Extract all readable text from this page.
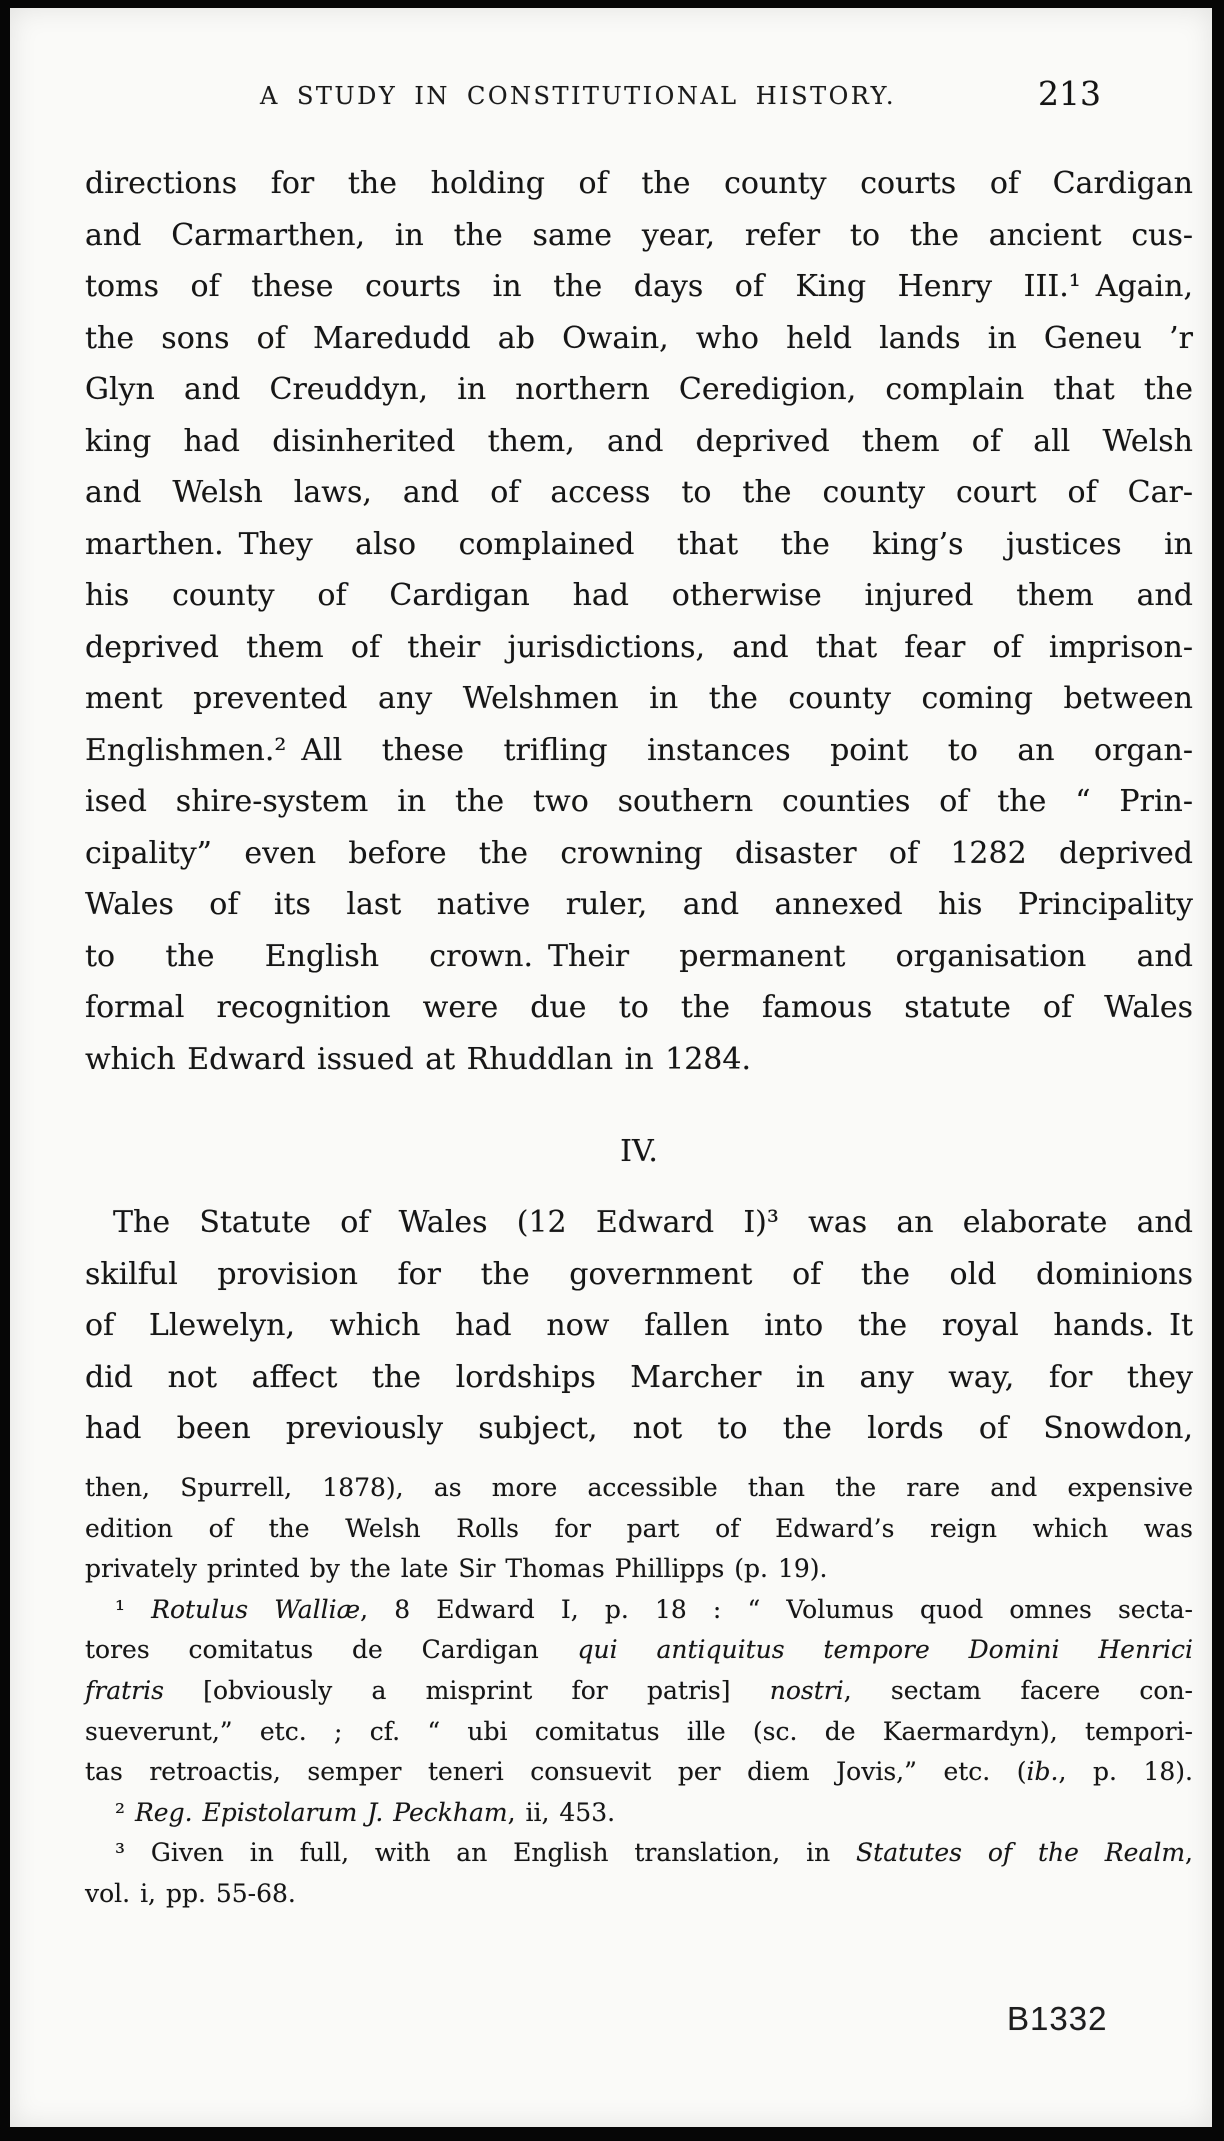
A STUDY IN CONSTITUTIONAL HISTORY.	213
directions for the holding of the county courts of Cardigan
and Carmarthen, in the same year, refer to the ancient cus-
toms of these courts in the days of King Henry III.¹ Again,
the sons of Maredudd ab Owain, who held lands in Geneu ’r
Glyn and Creuddyn, in northern Ceredigion, complain that the
king had disinherited them, and deprived them of all Welsh
and Welsh laws, and of access to the county court of Car-
marthen. They also complained that the king’s justices in
his county of Cardigan had otherwise injured them and
deprived them of their jurisdictions, and that fear of imprison-
ment prevented any Welshmen in the county coming between
Englishmen.² All these trifling instances point to an organ-
ised shire-system in the two southern counties of the “ Prin-
cipality” even before the crowning disaster of 1282 deprived
Wales of its last native ruler, and annexed his Principality
to the English crown. Their permanent organisation and
formal recognition were due to the famous statute of Wales
which Edward issued at Rhuddlan in 1284.
IV.
The Statute of Wales (12 Edward I)³ was an elaborate and
skilful provision for the government of the old dominions
of Llewelyn, which had now fallen into the royal hands. It
did not affect the lordships Marcher in any way, for they
had been previously subject, not to the lords of Snowdon,
then, Spurrell, 1878), as more accessible than the rare and expensive
edition of the Welsh Rolls for part of Edward’s reign which was
privately printed by the late Sir Thomas Phillipps (p. 19).
¹ Rotulus Walliæ, 8 Edward I, p. 18 : “ Volumus quod omnes secta-
tores comitatus de Cardigan qui antiquitus tempore Domini Henrici
fratris [obviously a misprint for patris] nostri, sectam facere con-
sueverunt,” etc. ; cf. “ ubi comitatus ille (sc. de Kaermardyn), tempori-
tas retroactis, semper teneri consuevit per diem Jovis,” etc. (ib., p. 18).
² Reg. Epistolarum J. Peckham, ii, 453.
³ Given in full, with an English translation, in Statutes of the Realm,
vol. i, pp. 55-68.
B1332
